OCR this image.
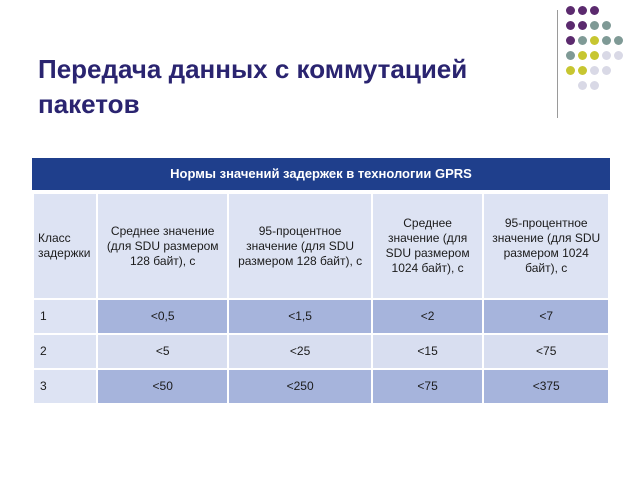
Передача данных с коммутацией пакетов
Нормы значений задержек в технологии GPRS
Класс задержки	Среднее значение (для SDU размером 128 байт), с	95-процентное значение (для SDU размером 128 байт), с	Среднее значение (для SDU размером 1024 байт), с	95-процентное значение (для SDU размером 1024 байт), с
1	<0,5	<1,5	<2	<7
2	<5	<25	<15	<75
3	<50	<250	<75	<375
